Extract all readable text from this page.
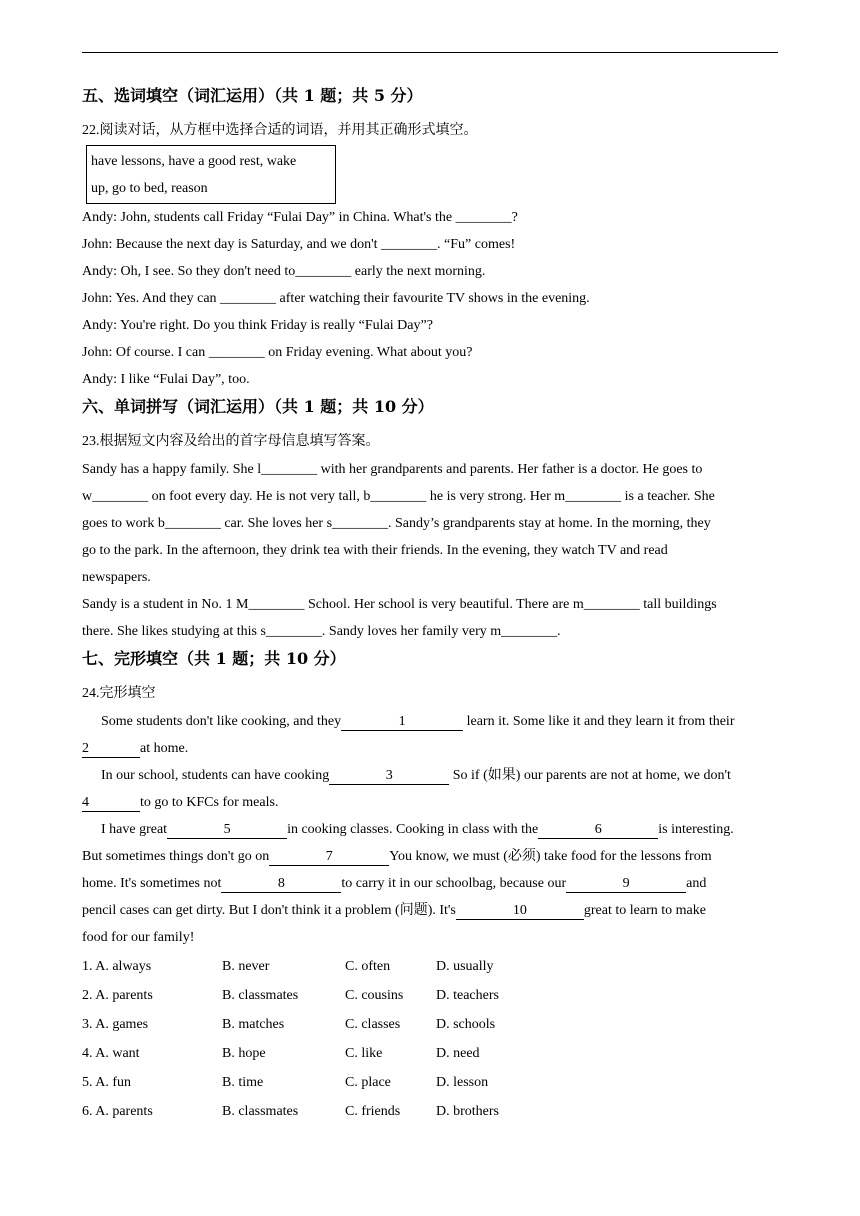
五、选词填空（词汇运用）（共 1 题；共 5 分）
22.阅读对话，从方框中选择合适的词语，并用其正确形式填空。
have lessons, have a good rest, wake
up, go to bed, reason
Andy: John, students call Friday “Fulai Day” in China. What's the ________?
John: Because the next day is Saturday, and we don't ________. “Fu” comes!
Andy: Oh, I see. So they don't need to________ early the next morning.
John: Yes. And they can ________ after watching their favourite TV shows in the evening.
Andy: You're right. Do you think Friday is really “Fulai Day”?
John: Of course. I can ________ on Friday evening. What about you?
Andy: I like “Fulai Day”, too.
六、单词拼写（词汇运用）（共 1 题；共 10 分）
23.根据短文内容及给出的首字母信息填写答案。
Sandy has a happy family. She l________ with her grandparents and parents. Her father is a doctor. He goes to
w________ on foot every day. He is not very tall, b________ he is very strong. Her m________ is a teacher. She
goes to work b________ car. She loves her s________. Sandy’s grandparents stay at home. In the morning, they
go to the park. In the afternoon, they drink tea with their friends. In the evening, they watch TV and read
newspapers.
Sandy is a student in No. 1 M________ School. Her school is very beautiful. There are m________ tall buildings
there. She likes studying at this s________. Sandy loves her family very m________.
七、完形填空（共 1 题；共 10 分）
24.完形填空
Some students don't like cooking, and they	1	learn it. Some like it and they learn it from their
2	at home.
In our school, students can have cooking	3	So if (如果) our parents are not at home, we don't
4	to go to KFCs for meals.
I have great	5	in cooking classes. Cooking in class with the	6	is interesting.
But sometimes things don't go on	7	You know, we must (必须) take food for the lessons from
home. It's sometimes not	8	to carry it in our schoolbag, because our	9	and
pencil cases can get dirty. But I don't think it a problem (问题). It's	10	great to learn to make
food for our family!
1. A. always	B. never	C. often	D. usually
2. A. parents	B. classmates	C. cousins D. teachers
3. A. games	B. matches	C. classes	D. schools
4. A. want	B. hope	C. like	D. need
5. A. fun	B. time	C. place	D. lesson
6. A. parents	B. classmates	C. friends	D. brothers
